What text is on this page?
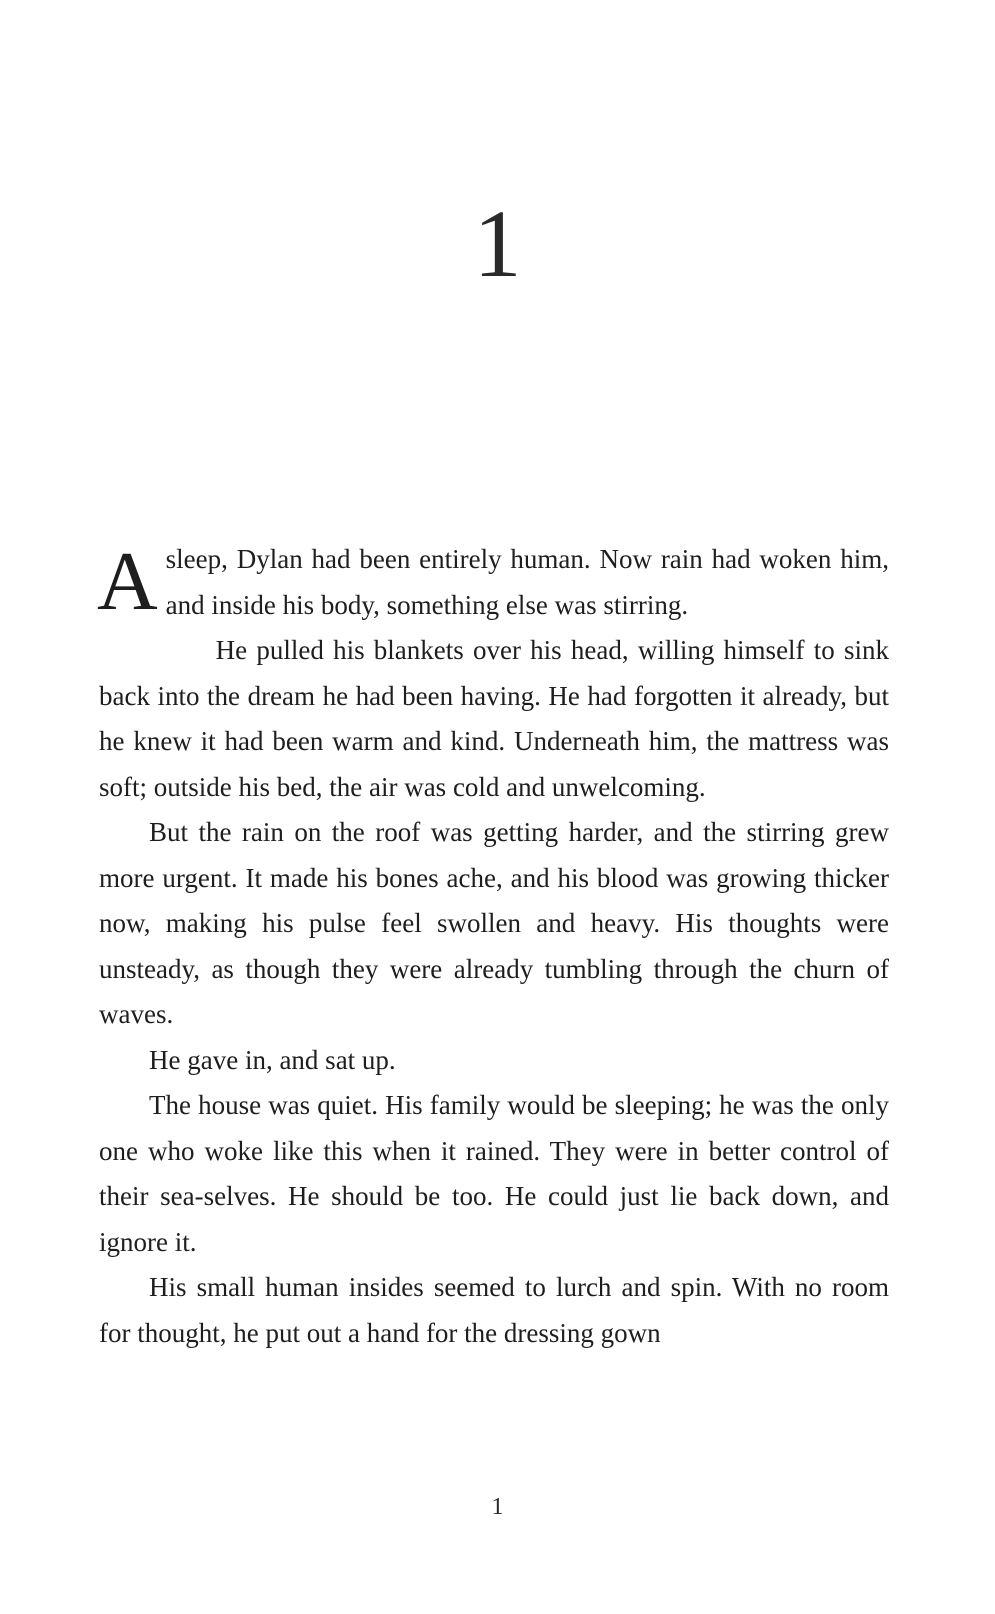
1

Asleep, Dylan had been entirely human. Now rain had woken him, and inside his body, something else was stirring.

He pulled his blankets over his head, willing himself to sink back into the dream he had been having. He had forgotten it already, but he knew it had been warm and kind. Underneath him, the mattress was soft; outside his bed, the air was cold and unwelcoming.

But the rain on the roof was getting harder, and the stirring grew more urgent. It made his bones ache, and his blood was growing thicker now, making his pulse feel swollen and heavy. His thoughts were unsteady, as though they were already tumbling through the churn of waves.

He gave in, and sat up.

The house was quiet. His family would be sleeping; he was the only one who woke like this when it rained. They were in better control of their sea-selves. He should be too. He could just lie back down, and ignore it.

His small human insides seemed to lurch and spin. With no room for thought, he put out a hand for the dressing gown

1
